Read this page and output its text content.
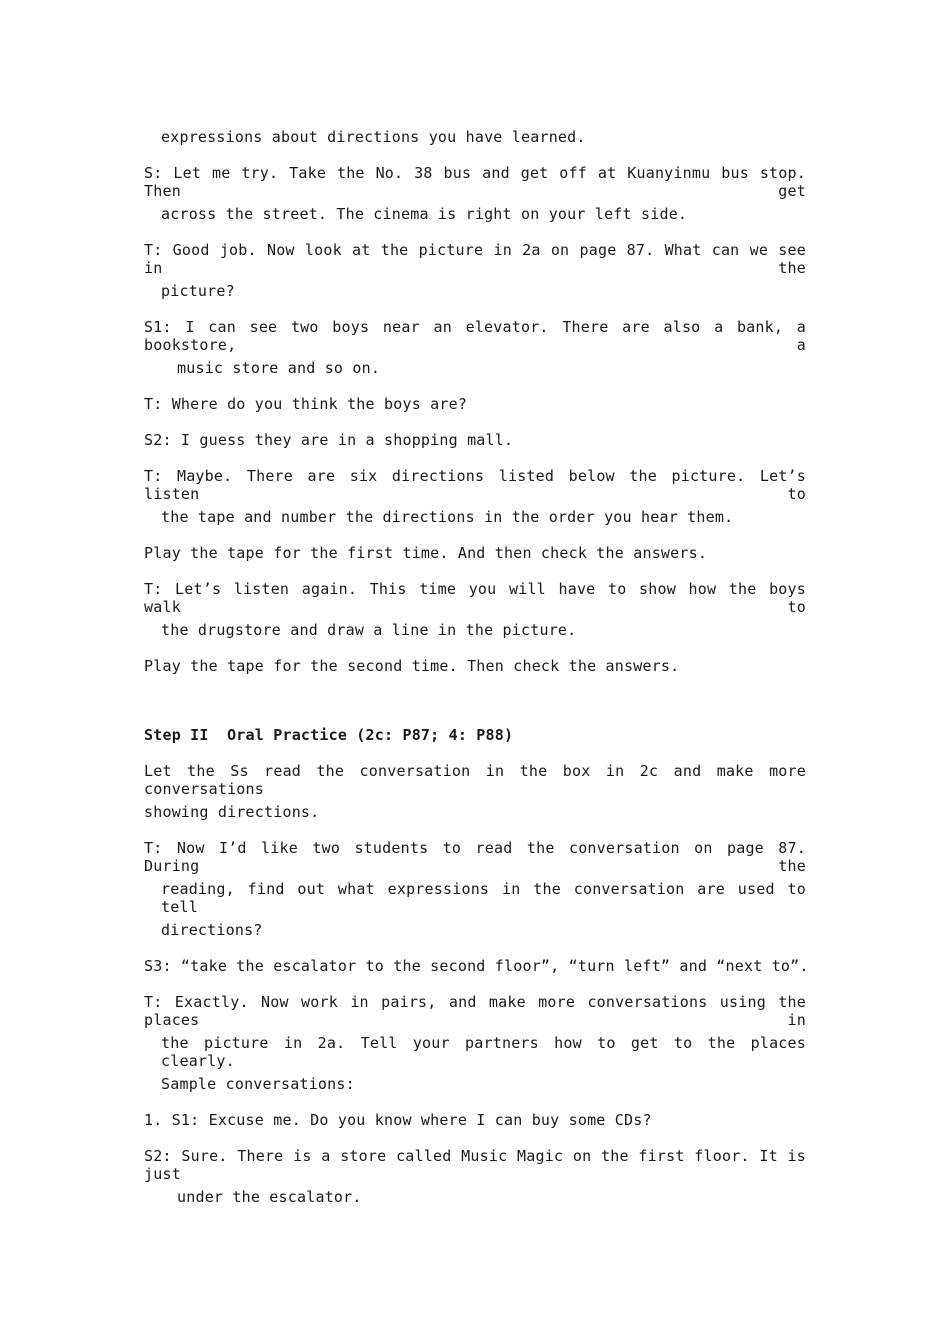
expressions about directions you have learned.
S: Let me try. Take the No. 38 bus and get off at Kuanyinmu bus stop. Then get
across the street. The cinema is right on your left side.
T: Good job. Now look at the picture in 2a on page 87. What can we see in the
picture?
S1: I can see two boys near an elevator. There are also a bank, a bookstore, a
music store and so on.
T: Where do you think the boys are?
S2: I guess they are in a shopping mall.
T: Maybe. There are six directions listed below the picture. Let’s listen to
the tape and number the directions in the order you hear them.
Play the tape for the first time. And then check the answers.
T: Let’s listen again. This time you will have to show how the boys walk to
the drugstore and draw a line in the picture.
Play the tape for the second time. Then check the answers.
Step II  Oral Practice (2c: P87; 4: P88)
Let the Ss read the conversation in the box in 2c and make more conversations
showing directions.
T: Now I’d like two students to read the conversation on page 87. During the
reading, find out what expressions in the conversation are used to tell
directions?
S3: “take the escalator to the second floor”, “turn left” and “next to”.
T: Exactly. Now work in pairs, and make more conversations using the places in
the picture in 2a. Tell your partners how to get to the places clearly.
Sample conversations:
1. S1: Excuse me. Do you know where I can buy some CDs?
S2: Sure. There is a store called Music Magic on the first floor. It is just
under the escalator.
